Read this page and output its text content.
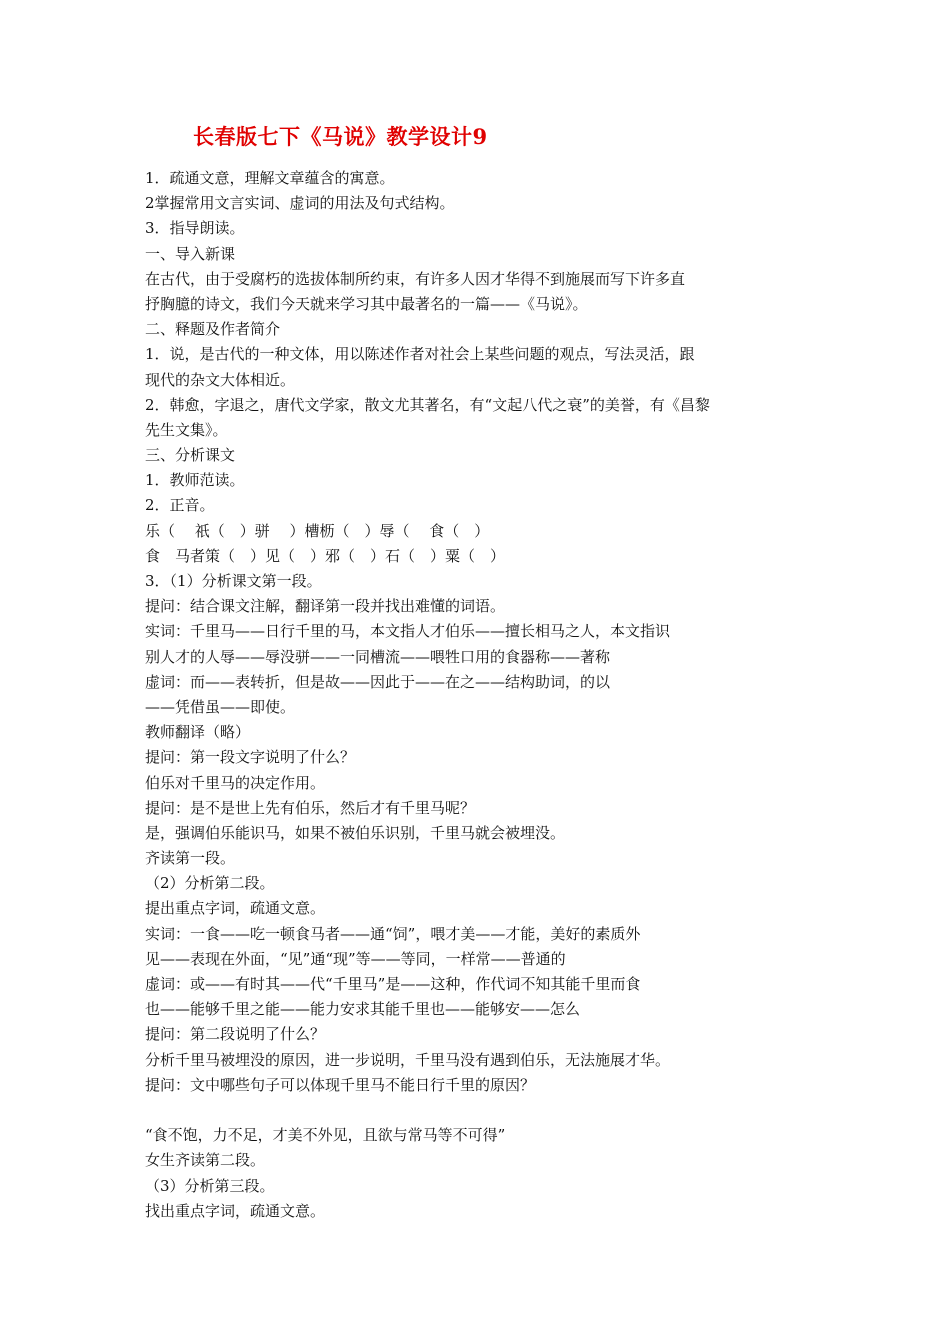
长春版七下《马说》教学设计9
1．疏通文意，理解文章蕴含的寓意。
2掌握常用文言实词、虚词的用法及句式结构。
3．指导朗读。
一、导入新课
在古代，由于受腐朽的选拔体制所约束，有许多人因才华得不到施展而写下许多直
抒胸臆的诗文，我们今天就来学习其中最著名的一篇——《马说》。
二、释题及作者简介
1．说，是古代的一种文体，用以陈述作者对社会上某些问题的观点，写法灵活，跟
现代的杂文大体相近。
2．韩愈，字退之，唐代文学家，散文尤其著名，有“文起八代之衰”的美誉，有《昌黎
先生文集》。
三、分析课文
1．教师范读。
2．正音。
乐（　 祇（　）骈　 ）槽枥（　）辱（　 食（　）
食　马者策（　）见（　）邪（　）石（　）粟（　）
3．（1）分析课文第一段。
提问：结合课文注解，翻译第一段并找出难懂的词语。
实词：千里马——日行千里的马，本文指人才伯乐——擅长相马之人，本文指识
别人才的人辱——辱没骈——一同槽流——喂牲口用的食器称——著称
虚词：而——表转折，但是故——因此于——在之——结构助词，的以
——凭借虽——即使。
教师翻译（略）
提问：第一段文字说明了什么？
伯乐对千里马的决定作用。
提问：是不是世上先有伯乐，然后才有千里马呢？
是，强调伯乐能识马，如果不被伯乐识别，千里马就会被埋没。
齐读第一段。
（2）分析第二段。
提出重点字词，疏通文意。
实词：一食——吃一顿食马者——通“饲”，喂才美——才能，美好的素质外
见——表现在外面，“见”通“现”等——等同，一样常——普通的
虚词：或——有时其——代“千里马”是——这种，作代词不知其能千里而食
也——能够千里之能——能力安求其能千里也——能够安——怎么
提问：第二段说明了什么？
分析千里马被埋没的原因，进一步说明，千里马没有遇到伯乐，无法施展才华。
提问：文中哪些句子可以体现千里马不能日行千里的原因？
“食不饱，力不足，才美不外见，且欲与常马等不可得”
女生齐读第二段。
（3）分析第三段。
找出重点字词，疏通文意。
